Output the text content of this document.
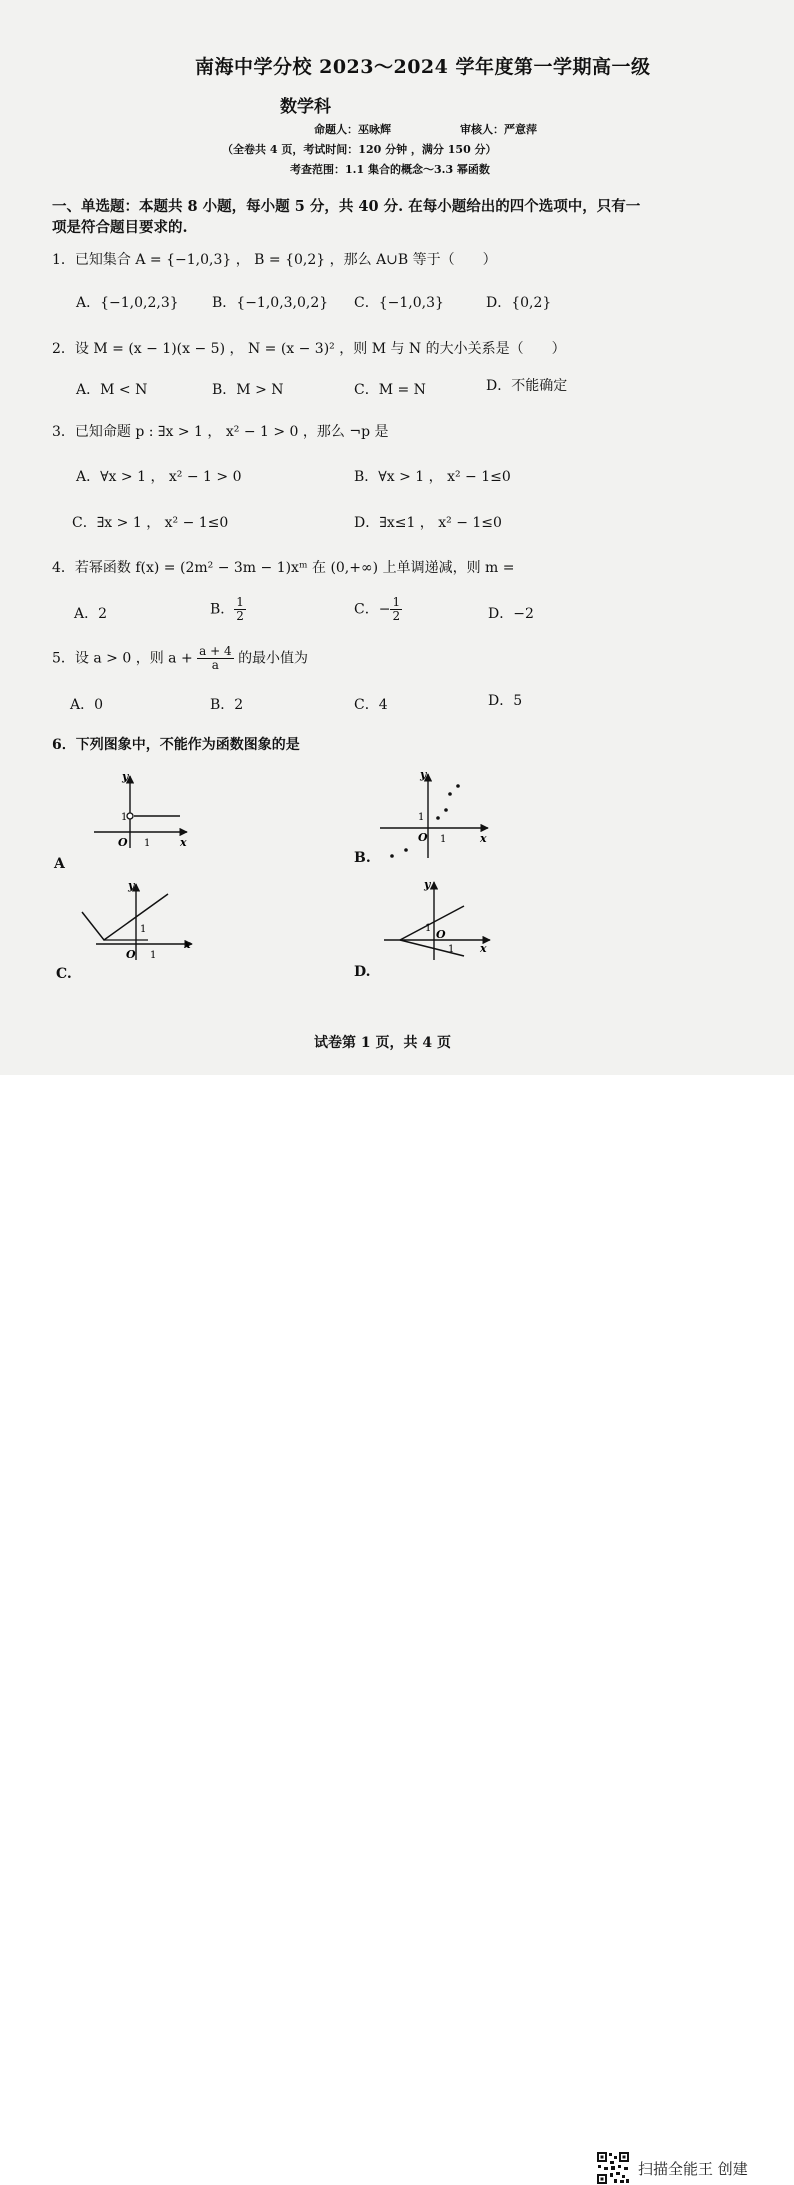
南海中学分校 2023～2024 学年度第一学期高一级
数学科
命题人：巫咏辉	审核人：严意萍
（全卷共 4 页，考试时间：120 分钟 ，满分 150 分）
考查范围：1.1 集合的概念～3.3 幂函数
一、单选题：本题共 8 小题，每小题 5 分，共 40 分. 在每小题给出的四个选项中，只有一
项是符合题目要求的.
1．已知集合 A = {−1,0,3} ， B = {0,2} ，那么 A∪B 等于（　　）
A．{−1,0,2,3} B．{−1,0,3,0,2} C．{−1,0,3}	D．{0,2}
2．设 M = (x − 1)(x − 5) ， N = (x − 3)² ，则 M 与 N 的大小关系是（　　）
A．M < N	B．M > N	C．M = N	D．不能确定
3．已知命题 p : ∃x > 1 ， x² − 1 > 0 ，那么 ¬p 是
A．∀x > 1 ， x² − 1 > 0	B．∀x > 1 ， x² − 1≤0
C．∃x > 1 ， x² − 1≤0	D．∃x≤1 ， x² − 1≤0
4．若幂函数 f(x) = (2m² − 3m − 1)xᵐ 在 (0,+∞) 上单调递减，则 m =
A．2	B． $\frac{1}{2}$	C．− $\frac{1}{2}$	D．−2
5．设 a > 0 ，则 $a + \frac{a + 4}{a}$ 的最小值为
A．0	B．2	C．4	D．5
6．下列图象中，不能作为函数图象的是
y
x
O
1
1
A
y
x
O
1
1
B.
y
x
O
1
1
C.
y
x
O
1
1
D.
试卷第 1 页，共 4 页
扫描全能王 创建
